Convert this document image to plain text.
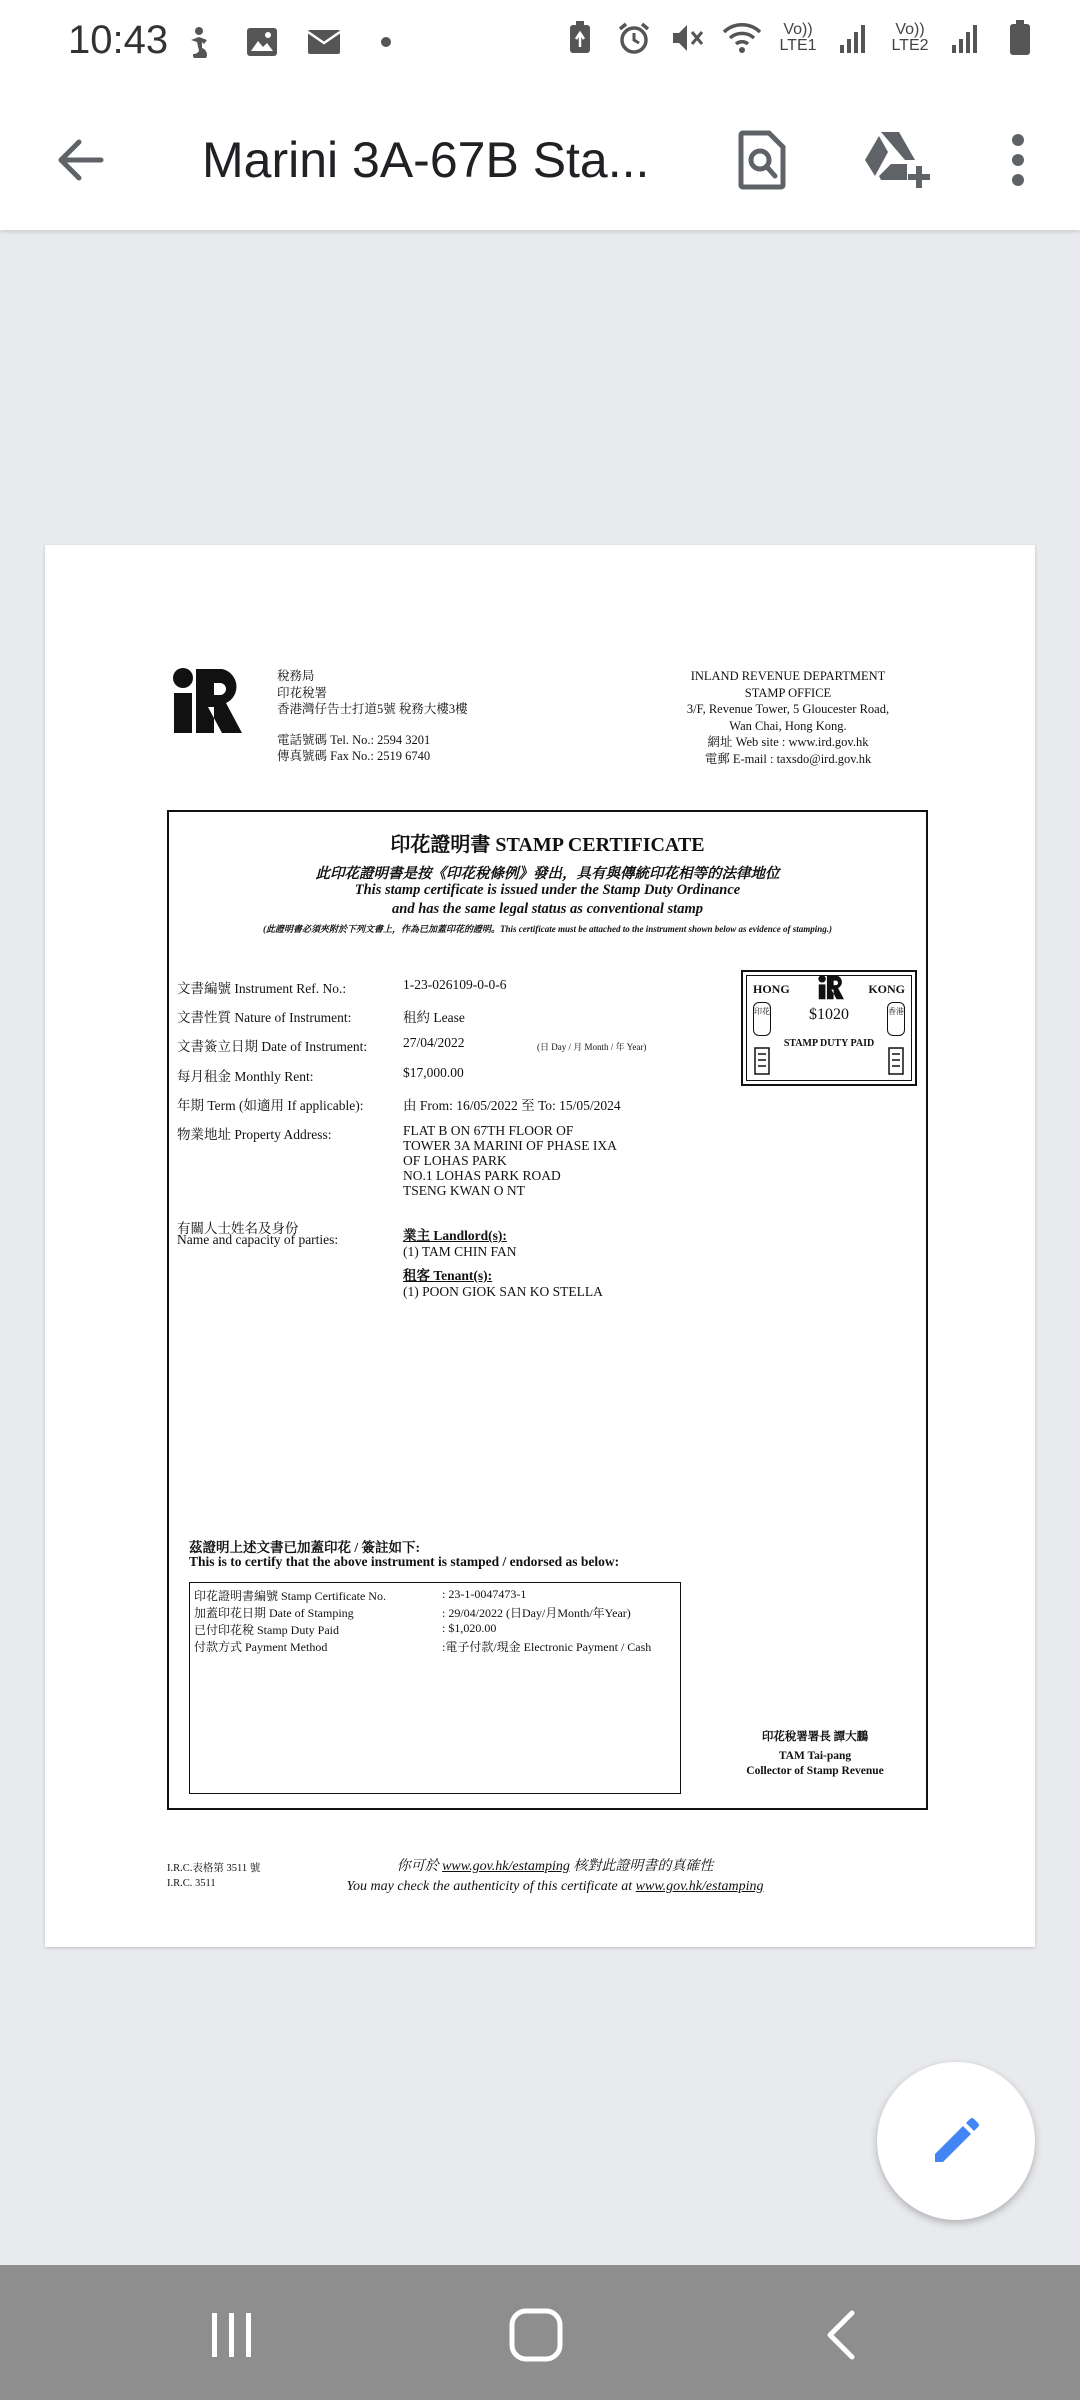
10:43	Vo))
LTE1
Vo))
LTE2
Marini 3A-67B Sta...
稅務局
印花稅署
香港灣仔告士打道5號 稅務大樓3樓
電話號碼 Tel. No.: 2594 3201
傳真號碼 Fax No.: 2519 6740
INLAND REVENUE DEPARTMENT
STAMP OFFICE
3/F, Revenue Tower, 5 Gloucester Road,
Wan Chai, Hong Kong.
網址 Web site : www.ird.gov.hk
電郵 E-mail : taxsdo@ird.gov.hk
印花證明書 STAMP CERTIFICATE
此印花證明書是按《印花稅條例》發出，具有與傳統印花相等的法律地位
This stamp certificate is issued under the Stamp Duty Ordinance
and has the same legal status as conventional stamp
(此證明書必須夾附於下列文書上，作為已加蓋印花的證明。This certificate must be attached to the instrument shown below as evidence of stamping.)
文書編號 Instrument Ref. No.:	1-23-026109-0-0-6
文書性質 Nature of Instrument:	租約 Lease
文書簽立日期 Date of Instrument:	27/04/2022	(日 Day / 月 Month / 年 Year)
每月租金 Monthly Rent:	$17,000.00
年期 Term (如適用 If applicable):	由 From: 16/05/2022 至 To: 15/05/2024
物業地址 Property Address:	FLAT B ON 67TH FLOOR OF
TOWER 3A MARINI OF PHASE IXA
OF LOHAS PARK
NO.1 LOHAS PARK ROAD
TSENG KWAN O NT
有關人士姓名及身份
Name and capacity of parties:	業主 Landlord(s):
(1) TAM CHIN FAN
租客 Tenant(s):
(1) POON GIOK SAN KO STELLA
HONG	KONG
印花	香港
$1020
STAMP DUTY PAID
茲證明上述文書已加蓋印花 / 簽註如下:
This is to certify that the above instrument is stamped / endorsed as below:
印花證明書編號 Stamp Certificate No.	: 23-1-0047473-1
加蓋印花日期 Date of Stamping	: 29/04/2022 (日Day/月Month/年Year)
已付印花稅 Stamp Duty Paid	: $1,020.00
付款方式 Payment Method	:電子付款/現金 Electronic Payment / Cash
印花稅署署長 譚大鵬
TAM Tai-pang
Collector of Stamp Revenue
I.R.C.表格第 3511 號
I.R.C. 3511
你可於 www.gov.hk/estamping 核對此證明書的真確性
You may check the authenticity of this certificate at www.gov.hk/estamping
